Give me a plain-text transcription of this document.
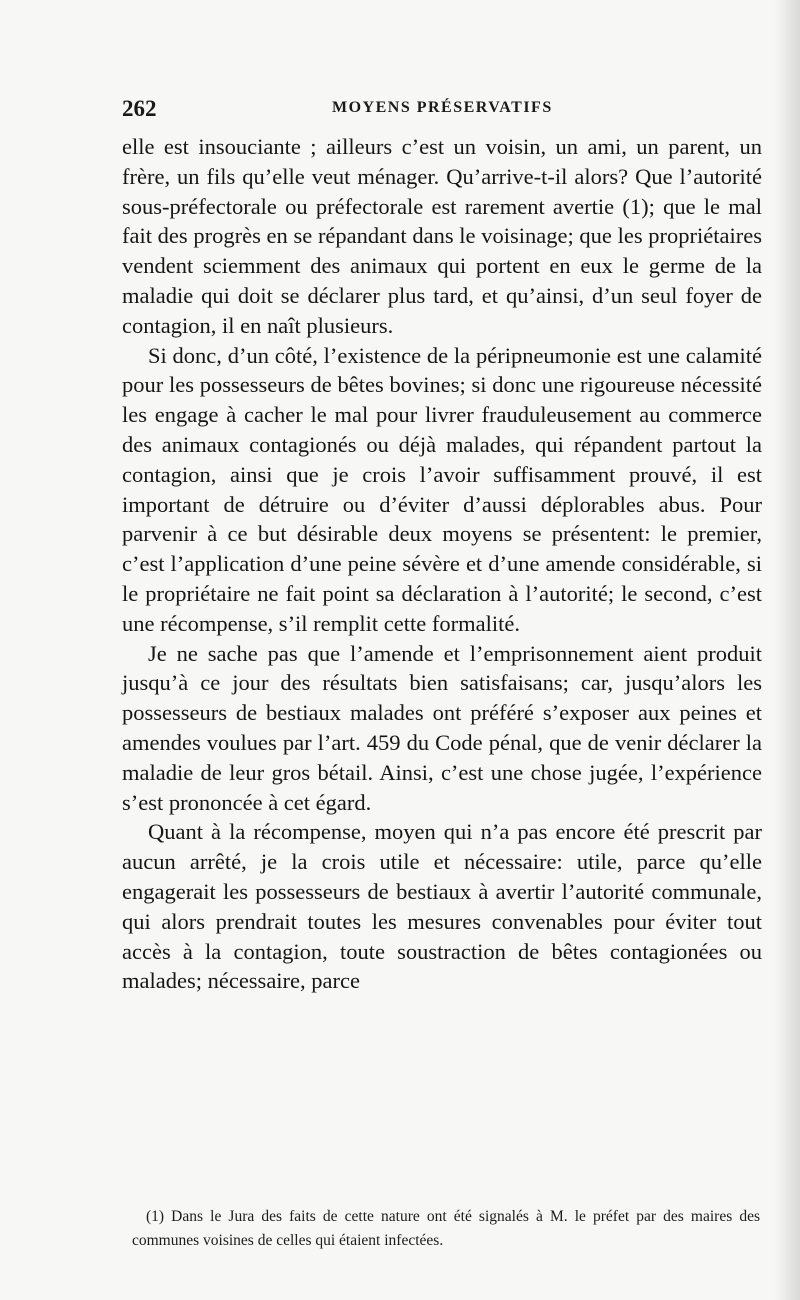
262	MOYENS PRÉSERVATIFS

elle est insouciante ; ailleurs c’est un voisin, un ami, un parent, un frère, un fils qu’elle veut ménager. Qu’arrive-t-il alors? Que l’autorité sous-préfectorale ou préfectorale est rarement avertie (1); que le mal fait des progrès en se répandant dans le voisinage; que les propriétaires vendent sciemment des animaux qui portent en eux le germe de la maladie qui doit se déclarer plus tard, et qu’ainsi, d’un seul foyer de contagion, il en naît plusieurs.

Si donc, d’un côté, l’existence de la péripneumonie est une calamité pour les possesseurs de bêtes bovines; si donc une rigoureuse nécessité les engage à cacher le mal pour livrer frauduleusement au commerce des animaux contagionés ou déjà malades, qui répandent partout la contagion, ainsi que je crois l’avoir suffisamment prouvé, il est important de détruire ou d’éviter d’aussi déplorables abus. Pour parvenir à ce but désirable deux moyens se présentent: le premier, c’est l’application d’une peine sévère et d’une amende considérable, si le propriétaire ne fait point sa déclaration à l’autorité; le second, c’est une récompense, s’il remplit cette formalité.

Je ne sache pas que l’amende et l’emprisonnement aient produit jusqu’à ce jour des résultats bien satisfaisans; car, jusqu’alors les possesseurs de bestiaux malades ont préféré s’exposer aux peines et amendes voulues par l’art. 459 du Code pénal, que de venir déclarer la maladie de leur gros bétail. Ainsi, c’est une chose jugée, l’expérience s’est prononcée à cet égard.

Quant à la récompense, moyen qui n’a pas encore été prescrit par aucun arrêté, je la crois utile et nécessaire: utile, parce qu’elle engagerait les possesseurs de bestiaux à avertir l’autorité communale, qui alors prendrait toutes les mesures convenables pour éviter tout accès à la contagion, toute soustraction de bêtes contagionées ou malades; nécessaire, parce

(1) Dans le Jura des faits de cette nature ont été signalés à M. le préfet par des maires des communes voisines de celles qui étaient infectées.
